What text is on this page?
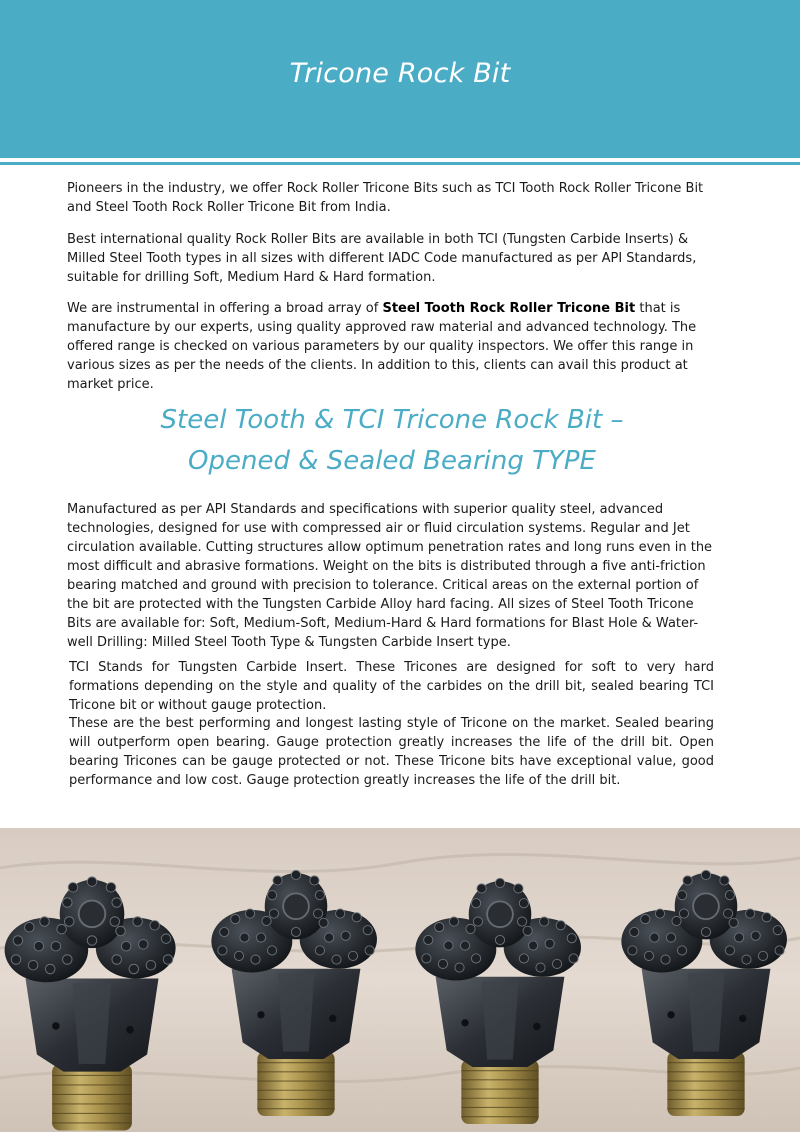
Tricone Rock Bit

Pioneers in the industry, we offer Rock Roller Tricone Bits such as TCI Tooth Rock Roller Tricone Bit and Steel Tooth Rock Roller Tricone Bit from India.

Best international quality Rock Roller Bits are available in both TCI (Tungsten Carbide Inserts) & Milled Steel Tooth types in all sizes with different IADC Code manufactured as per API Standards, suitable for drilling Soft, Medium Hard & Hard formation.

We are instrumental in offering a broad array of Steel Tooth Rock Roller Tricone Bit that is manufacture by our experts, using quality approved raw material and advanced technology. The offered range is checked on various parameters by our quality inspectors. We offer this range in various sizes as per the needs of the clients. In addition to this, clients can avail this product at market price.

Steel Tooth & TCI Tricone Rock Bit –
Opened & Sealed Bearing TYPE

Manufactured as per API Standards and specifications with superior quality steel, advanced technologies, designed for use with compressed air or fluid circulation systems. Regular and Jet circulation available. Cutting structures allow optimum penetration rates and long runs even in the most difficult and abrasive formations. Weight on the bits is distributed through a five anti-friction bearing matched and ground with precision to tolerance. Critical areas on the external portion of the bit are protected with the Tungsten Carbide Alloy hard facing. All sizes of Steel Tooth Tricone Bits are available for: Soft, Medium-Soft, Medium-Hard & Hard formations for Blast Hole & Water-well Drilling: Milled Steel Tooth Type & Tungsten Carbide Insert type.

TCI Stands for Tungsten Carbide Insert. These Tricones are designed for soft to very hard formations depending on the style and quality of the carbides on the drill bit, sealed bearing TCI Tricone bit or without gauge protection.

These are the best performing and longest lasting style of Tricone on the market. Sealed bearing will outperform open bearing. Gauge protection greatly increases the life of the drill bit. Open bearing Tricones can be gauge protected or not. These Tricone bits have exceptional value, good performance and low cost. Gauge protection greatly increases the life of the drill bit.
